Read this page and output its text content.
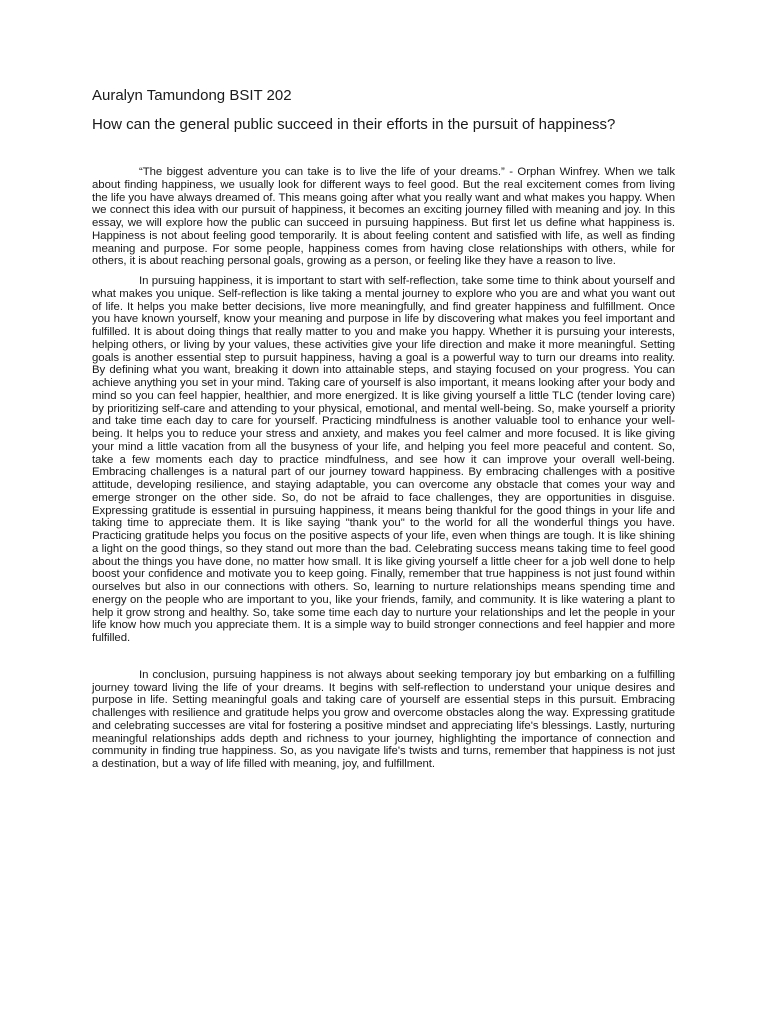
Auralyn Tamundong BSIT 202
How can the general public succeed in their efforts in the pursuit of happiness?

“The biggest adventure you can take is to live the life of your dreams.” - Orphan Winfrey. When we talk about finding happiness, we usually look for different ways to feel good. But the real excitement comes from living the life you have always dreamed of. This means going after what you really want and what makes you happy. When we connect this idea with our pursuit of happiness, it becomes an exciting journey filled with meaning and joy. In this essay, we will explore how the public can succeed in pursuing happiness. But first let us define what happiness is. Happiness is not about feeling good temporarily. It is about feeling content and satisfied with life, as well as finding meaning and purpose. For some people, happiness comes from having close relationships with others, while for others, it is about reaching personal goals, growing as a person, or feeling like they have a reason to live.

In pursuing happiness, it is important to start with self-reflection, take some time to think about yourself and what makes you unique. Self-reflection is like taking a mental journey to explore who you are and what you want out of life. It helps you make better decisions, live more meaningfully, and find greater happiness and fulfillment. Once you have known yourself, know your meaning and purpose in life by discovering what makes you feel important and fulfilled. It is about doing things that really matter to you and make you happy. Whether it is pursuing your interests, helping others, or living by your values, these activities give your life direction and make it more meaningful. Setting goals is another essential step to pursuit happiness, having a goal is a powerful way to turn our dreams into reality. By defining what you want, breaking it down into attainable steps, and staying focused on your progress. You can achieve anything you set in your mind. Taking care of yourself is also important, it means looking after your body and mind so you can feel happier, healthier, and more energized. It is like giving yourself a little TLC (tender loving care) by prioritizing self-care and attending to your physical, emotional, and mental well-being. So, make yourself a priority and take time each day to care for yourself. Practicing mindfulness is another valuable tool to enhance your well-being. It helps you to reduce your stress and anxiety, and makes you feel calmer and more focused. It is like giving your mind a little vacation from all the busyness of your life, and helping you feel more peaceful and content. So, take a few moments each day to practice mindfulness, and see how it can improve your overall well-being. Embracing challenges is a natural part of our journey toward happiness. By embracing challenges with a positive attitude, developing resilience, and staying adaptable, you can overcome any obstacle that comes your way and emerge stronger on the other side. So, do not be afraid to face challenges, they are opportunities in disguise. Expressing gratitude is essential in pursuing happiness, it means being thankful for the good things in your life and taking time to appreciate them. It is like saying "thank you" to the world for all the wonderful things you have. Practicing gratitude helps you focus on the positive aspects of your life, even when things are tough. It is like shining a light on the good things, so they stand out more than the bad. Celebrating success means taking time to feel good about the things you have done, no matter how small. It is like giving yourself a little cheer for a job well done to help boost your confidence and motivate you to keep going. Finally, remember that true happiness is not just found within ourselves but also in our connections with others. So, learning to nurture relationships means spending time and energy on the people who are important to you, like your friends, family, and community. It is like watering a plant to help it grow strong and healthy. So, take some time each day to nurture your relationships and let the people in your life know how much you appreciate them. It is a simple way to build stronger connections and feel happier and more fulfilled.

In conclusion, pursuing happiness is not always about seeking temporary joy but embarking on a fulfilling journey toward living the life of your dreams. It begins with self-reflection to understand your unique desires and purpose in life. Setting meaningful goals and taking care of yourself are essential steps in this pursuit. Embracing challenges with resilience and gratitude helps you grow and overcome obstacles along the way. Expressing gratitude and celebrating successes are vital for fostering a positive mindset and appreciating life's blessings. Lastly, nurturing meaningful relationships adds depth and richness to your journey, highlighting the importance of connection and community in finding true happiness. So, as you navigate life's twists and turns, remember that happiness is not just a destination, but a way of life filled with meaning, joy, and fulfillment.
